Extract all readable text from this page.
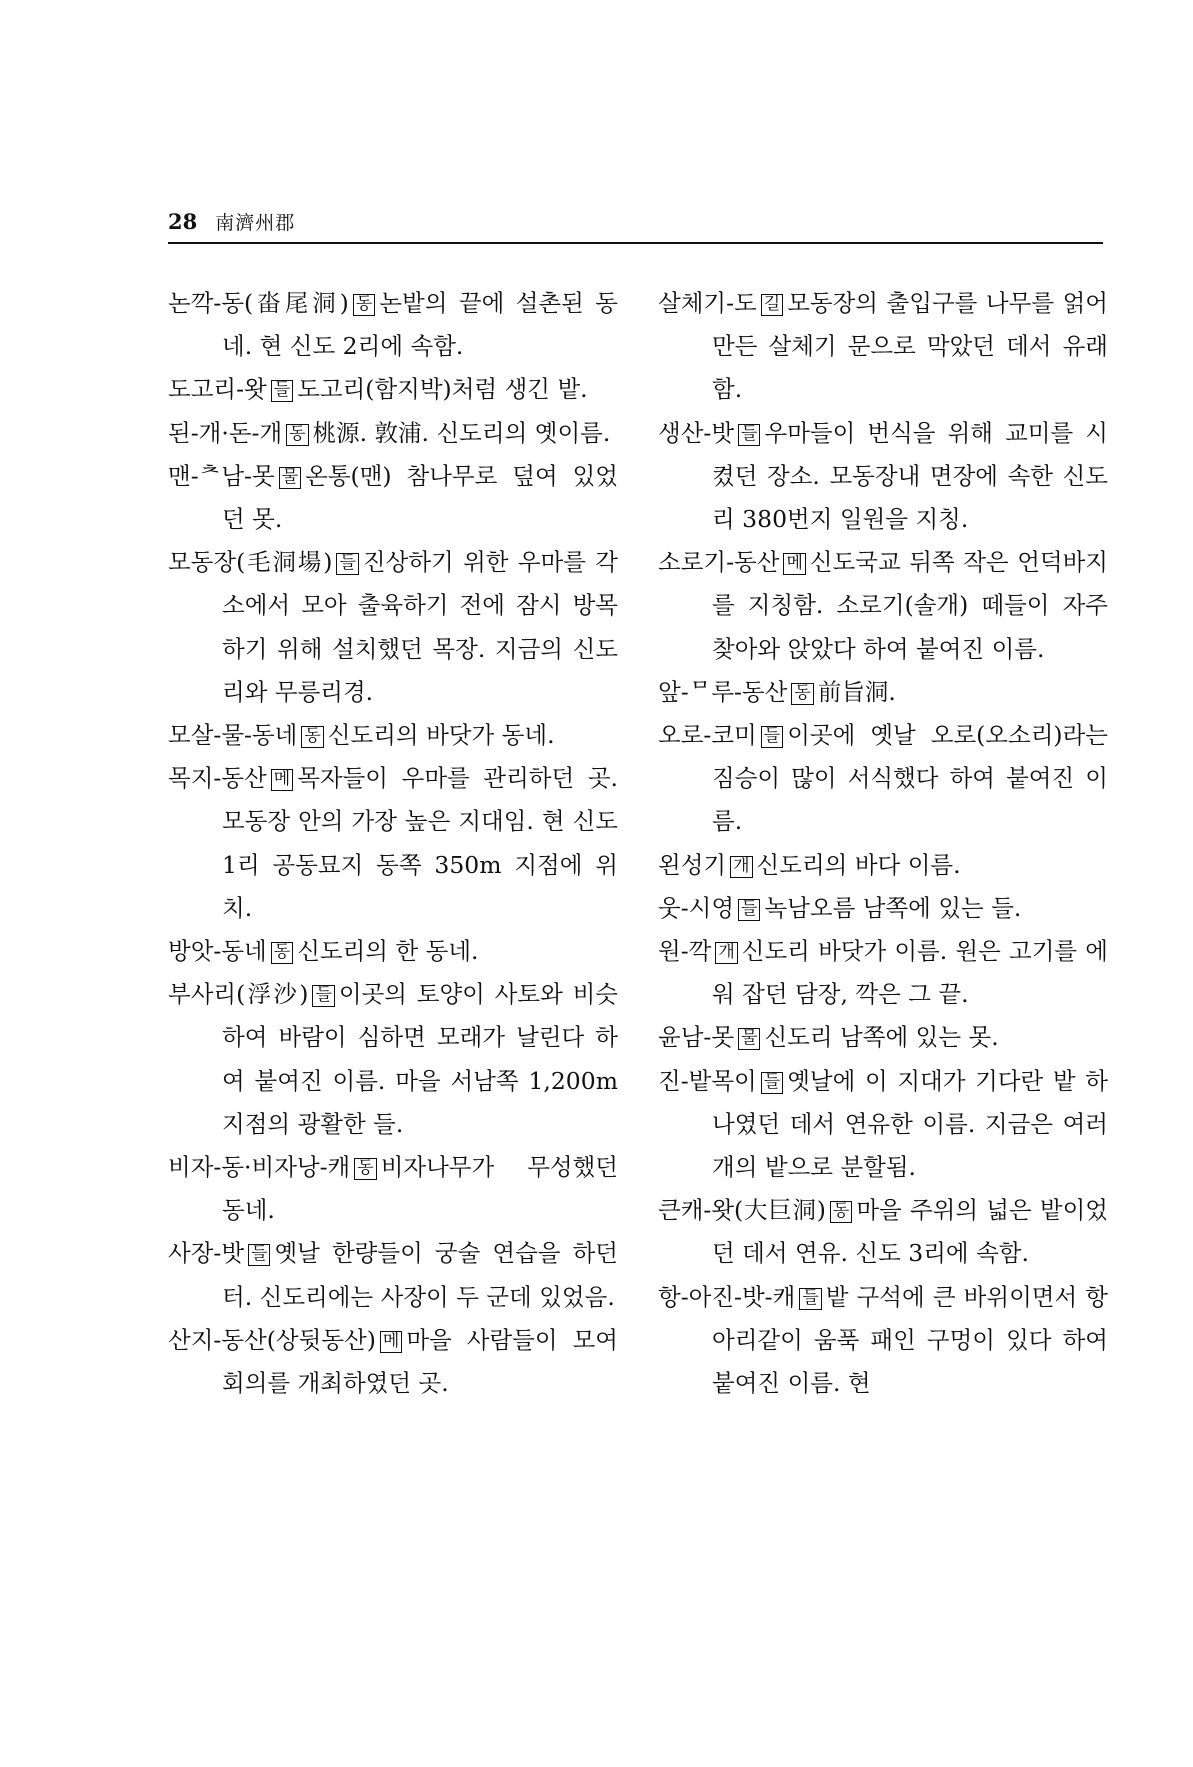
28 南濟州郡

논깍-동(畓尾洞) 동 논밭의 끝에 설촌된 동네. 현 신도 2리에 속함.

도고리-왓 들 도고리(함지박)처럼 생긴 밭.

된-개·돈-개 동 桃源. 敦浦. 신도리의 옛이름.

맨-ᄎ남-못 물 온통(맨) 참나무로 덮여 있었던 못.

모동장(毛洞場) 들 진상하기 위한 우마를 각 소에서 모아 출육하기 전에 잠시 방목하기 위해 설치했던 목장. 지금의 신도리와 무릉리경.

모살-물-동네 동 신도리의 바닷가 동네.

목지-동산 메 목자들이 우마를 관리하던 곳. 모동장 안의 가장 높은 지대임. 현 신도 1리 공동묘지 동쪽 350m 지점에 위치.

방앗-동네 동 신도리의 한 동네.

부사리(浮沙) 들 이곳의 토양이 사토와 비슷하여 바람이 심하면 모래가 날린다 하여 붙여진 이름. 마을 서남쪽 1,200m 지점의 광활한 들.

비자-동·비자낭-캐 동 비자나무가 무성했던 동네.

사장-밧 들 옛날 한량들이 궁술 연습을 하던 터. 신도리에는 사장이 두 군데 있었음.

산지-동산(상뒷동산) 메 마을 사람들이 모여 회의를 개최하였던 곳.

살체기-도 길 모동장의 출입구를 나무를 얽어 만든 살체기 문으로 막았던 데서 유래함.

생산-밧 들 우마들이 번식을 위해 교미를 시켰던 장소. 모동장내 면장에 속한 신도리 380번지 일원을 지칭.

소로기-동산 메 신도국교 뒤쪽 작은 언덕바지를 지칭함. 소로기(솔개) 떼들이 자주 찾아와 앉았다 하여 붙여진 이름.

앞-ᄆ루-동산 동 前旨洞.

오로-코미 들 이곳에 옛날 오로(오소리)라는 짐승이 많이 서식했다 하여 붙여진 이름.

왼성기 개 신도리의 바다 이름.

웃-시영 들 녹남오름 남쪽에 있는 들.

원-깍 개 신도리 바닷가 이름. 원은 고기를 에워 잡던 담장, 깍은 그 끝.

윤남-못 물 신도리 남쪽에 있는 못.

진-밭목이 들 옛날에 이 지대가 기다란 밭 하나였던 데서 연유한 이름. 지금은 여러 개의 밭으로 분할됨.

큰캐-왓(大巨洞) 동 마을 주위의 넓은 밭이었던 데서 연유. 신도 3리에 속함.

항-아진-밧-캐 들 밭 구석에 큰 바위이면서 항아리같이 움푹 패인 구멍이 있다 하여 붙여진 이름. 현
